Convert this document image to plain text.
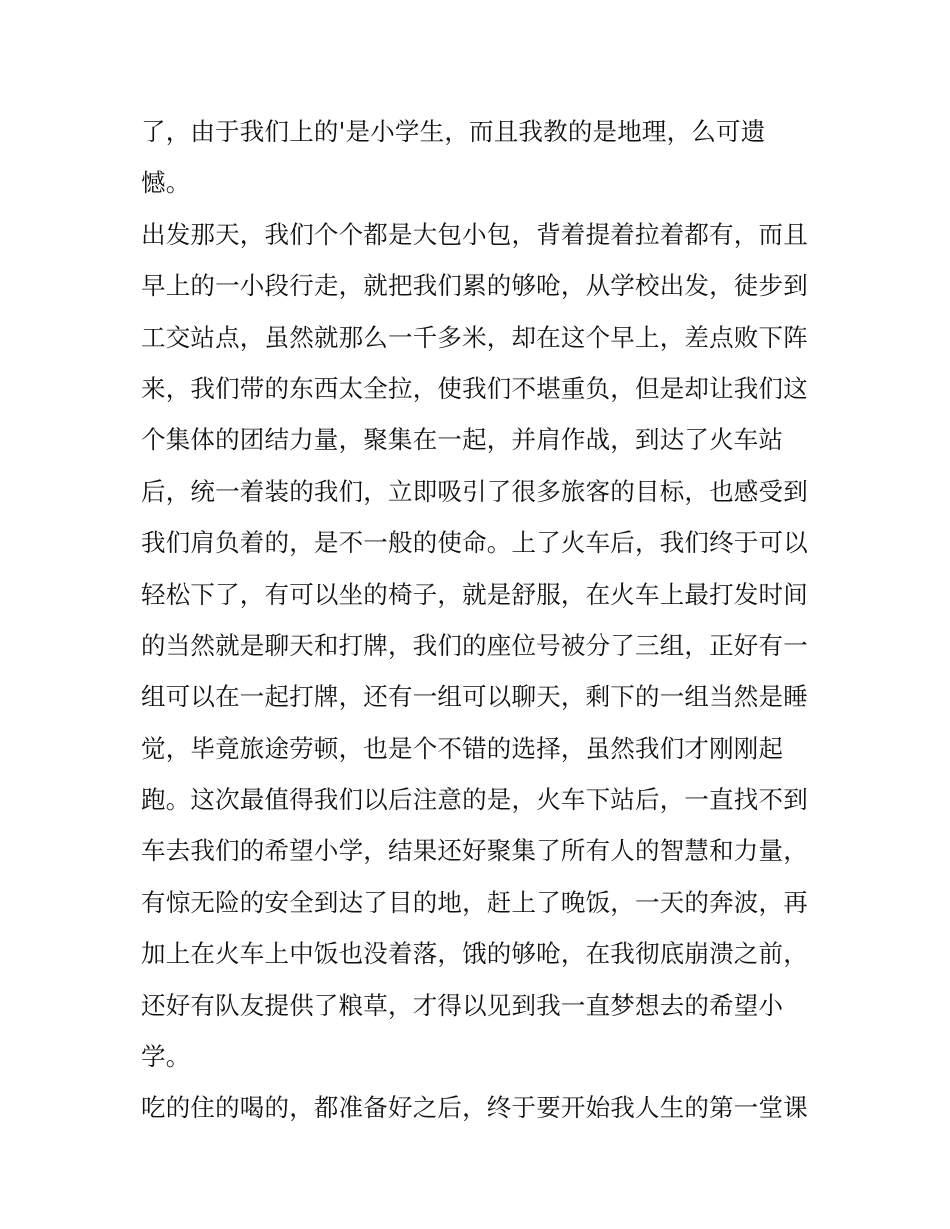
了，由于我们上的'是小学生，而且我教的是地理，么可遗
憾。
出发那天，我们个个都是大包小包，背着提着拉着都有，而且
早上的一小段行走，就把我们累的够呛，从学校出发，徒步到
工交站点，虽然就那么一千多米，却在这个早上，差点败下阵
来，我们带的东西太全拉，使我们不堪重负，但是却让我们这
个集体的团结力量，聚集在一起，并肩作战，到达了火车站
后，统一着装的我们，立即吸引了很多旅客的目标，也感受到
我们肩负着的，是不一般的使命。上了火车后，我们终于可以
轻松下了，有可以坐的椅子，就是舒服，在火车上最打发时间
的当然就是聊天和打牌，我们的座位号被分了三组，正好有一
组可以在一起打牌，还有一组可以聊天，剩下的一组当然是睡
觉，毕竟旅途劳顿，也是个不错的选择，虽然我们才刚刚起
跑。这次最值得我们以后注意的是，火车下站后，一直找不到
车去我们的希望小学，结果还好聚集了所有人的智慧和力量，
有惊无险的安全到达了目的地，赶上了晚饭，一天的奔波，再
加上在火车上中饭也没着落，饿的够呛，在我彻底崩溃之前，
还好有队友提供了粮草，才得以见到我一直梦想去的希望小
学。
吃的住的喝的，都准备好之后，终于要开始我人生的第一堂课
